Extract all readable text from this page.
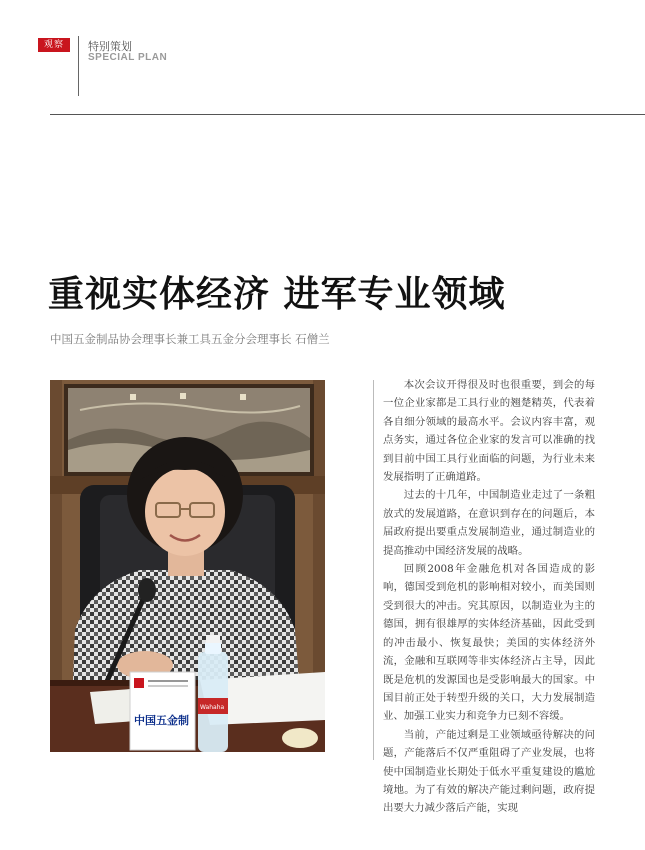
观察	特别策划
SPECIAL PLAN
重视实体经济 进军专业领域
中国五金制品协会理事长兼工具五金分会理事长 石僧兰
中国五金制
Wahaha

本次会议开得很及时也很重要，到会的每一位企业家都是工具行业的翘楚精英，代表着各自细分领域的最高水平。会议内容丰富，观点务实，通过各位企业家的发言可以准确的找到目前中国工具行业面临的问题，为行业未来发展指明了正确道路。

过去的十几年，中国制造业走过了一条粗放式的发展道路，在意识到存在的问题后，本届政府提出要重点发展制造业，通过制造业的提高推动中国经济发展的战略。

回顾2008年金融危机对各国造成的影响，德国受到危机的影响相对较小，而美国则受到很大的冲击。究其原因，以制造业为主的德国，拥有很雄厚的实体经济基础，因此受到的冲击最小、恢复最快；美国的实体经济外流，金融和互联网等非实体经济占主导，因此既是危机的发源国也是受影响最大的国家。中国目前正处于转型升级的关口，大力发展制造业、加强工业实力和竞争力已刻不容缓。

当前，产能过剩是工业领域亟待解决的问题，产能落后不仅严重阻碍了产业发展，也将使中国制造业长期处于低水平重复建设的尴尬境地。为了有效的解决产能过剩问题，政府提出要大力减少落后产能，实现
